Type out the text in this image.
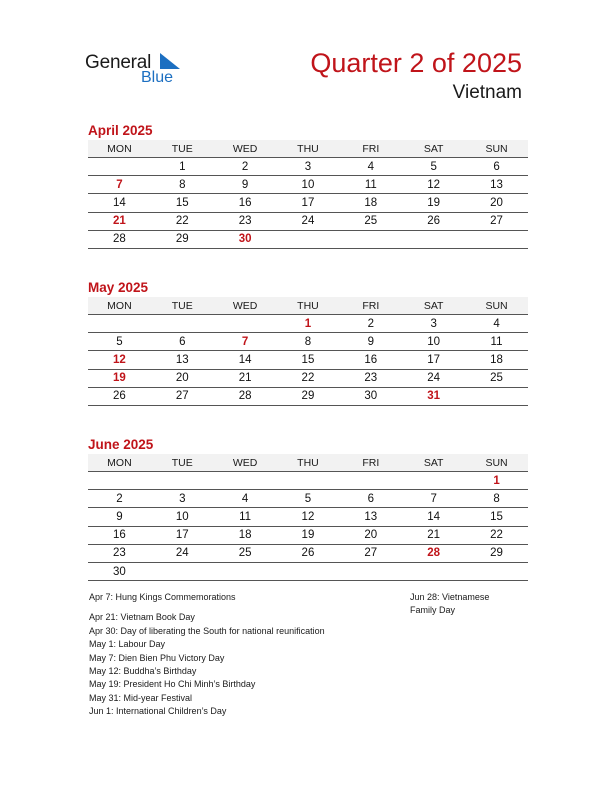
General
Blue	Quarter 2 of 2025
Vietnam
April 2025
MON	TUE	WED	THU	FRI	SAT	SUN
	1	2	3	4	5	6
7	8	9	10	11	12	13
14	15	16	17	18	19	20
21	22	23	24	25	26	27
28	29	30				
May 2025
MON	TUE	WED	THU	FRI	SAT	SUN
			1	2	3	4
5	6	7	8	9	10	11
12	13	14	15	16	17	18
19	20	21	22	23	24	25
26	27	28	29	30	31	
June 2025
MON	TUE	WED	THU	FRI	SAT	SUN
						1
2	3	4	5	6	7	8
9	10	11	12	13	14	15
16	17	18	19	20	21	22
23	24	25	26	27	28	29
30						
Apr 7: Hung Kings Commemorations
Apr 21: Vietnam Book Day
Apr 30: Day of liberating the South for national reunification
May 1: Labour Day
May 7: Dien Bien Phu Victory Day
May 12: Buddha’s Birthday
May 19: President Ho Chi Minh’s Birthday
May 31: Mid-year Festival
Jun 1: International Children’s Day
Jun 28: Vietnamese
Family Day
